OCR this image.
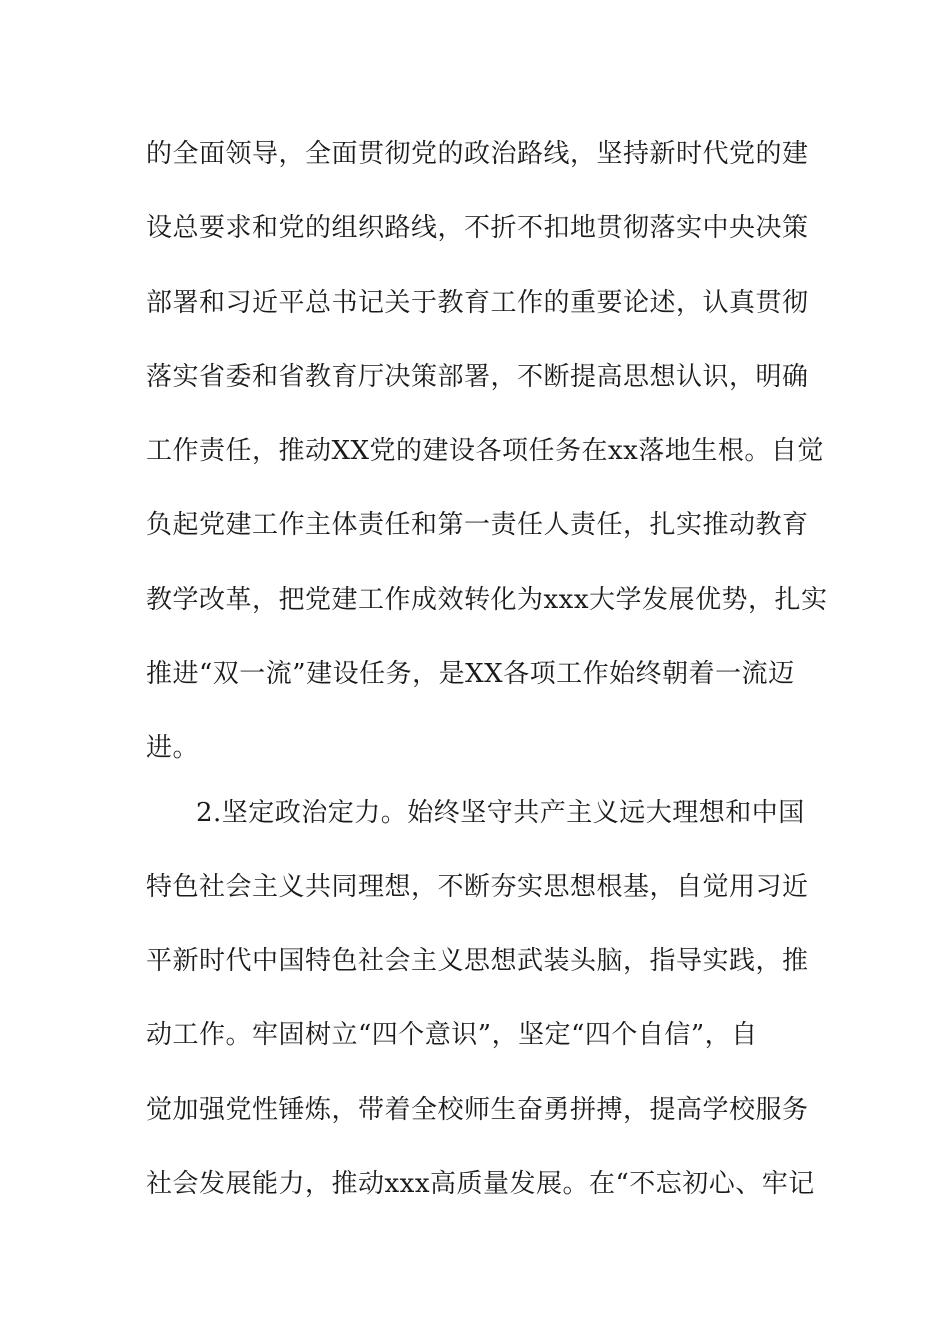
的全面领导，全面贯彻党的政治路线，坚持新时代党的建
设总要求和党的组织路线，不折不扣地贯彻落实中央决策
部署和习近平总书记关于教育工作的重要论述，认真贯彻
落实省委和省教育厅决策部署，不断提高思想认识，明确
工作责任，推动XX党的建设各项任务在xx落地生根。自觉
负起党建工作主体责任和第一责任人责任，扎实推动教育
教学改革，把党建工作成效转化为xxx大学发展优势，扎实
推进“双一流”建设任务，是XX各项工作始终朝着一流迈
进。
2.坚定政治定力。始终坚守共产主义远大理想和中国
特色社会主义共同理想，不断夯实思想根基，自觉用习近
平新时代中国特色社会主义思想武装头脑，指导实践，推
动工作。牢固树立“四个意识”，坚定“四个自信”，自
觉加强党性锤炼，带着全校师生奋勇拼搏，提高学校服务
社会发展能力，推动xxx高质量发展。在“不忘初心、牢记
